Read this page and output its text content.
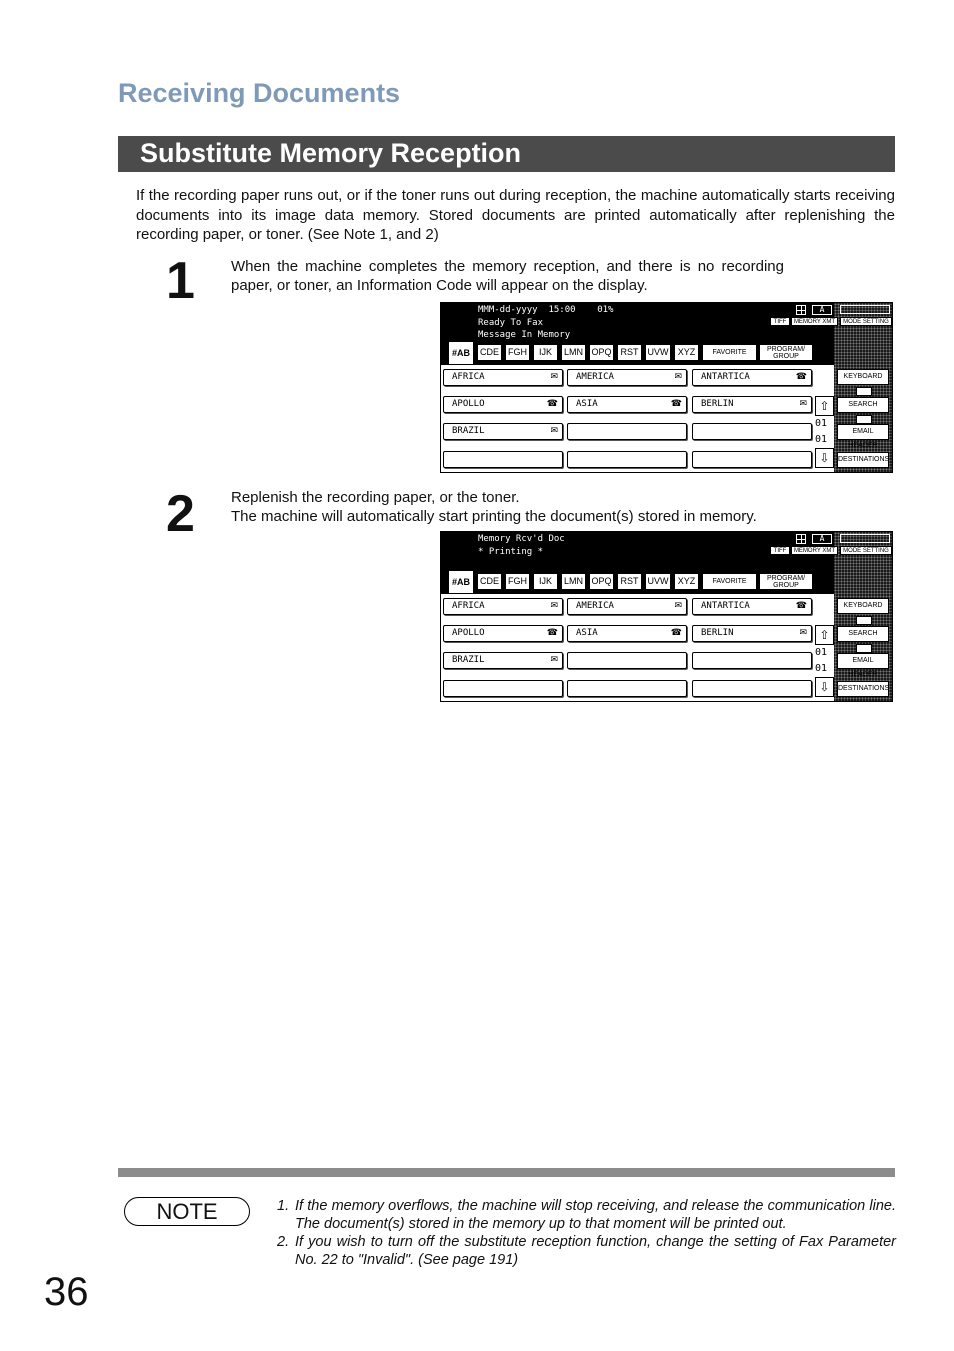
Receiving Documents
Substitute Memory Reception

If the recording paper runs out, or if the toner runs out during reception, the machine automatically starts receiving documents into its image data memory. Stored documents are printed automatically after replenishing the recording paper, or toner. (See Note 1, and 2)

1 When the machine completes the memory reception, and there is no recording paper, or toner, an Information Code will appear on the display.

MMM-dd-yyyy  15:00    01%
Ready To Fax
Message In Memory
A
TIFF	MEMORY XMT	MODE SETTING
#AB	CDE	FGH	IJK	LMN OPQ	RST	UVW	XYZ	FAVORITE	PROGRAM/ GROUP
AFRICA	✉	AMERICA	✉	ANTARTICA	☎
APOLLO	☎	ASIA	☎	BERLIN	✉
BRAZIL	✉
⇧
01
01
⇩
KEYBOARD
SEARCH
EMAIL HEADER
DESTINATIONS
2 Replenish the recording paper, or the toner.

The machine will automatically start printing the document(s) stored in memory.

Memory Rcv'd Doc
* Printing *
A
TIFF	MEMORY XMT	MODE SETTING
#AB	CDE	FGH	IJK	LMN OPQ	RST	UVW	XYZ	FAVORITE	PROGRAM/ GROUP
AFRICA	✉	AMERICA	✉	ANTARTICA	☎
APOLLO	☎	ASIA	☎	BERLIN	✉
BRAZIL	✉
⇧
01
01
⇩
KEYBOARD
SEARCH
EMAIL HEADER
DESTINATIONS
NOTE	1. If the memory overflows, the machine will stop receiving, and release the communication line. The document(s) stored in the memory up to that moment will be printed out.
2. If you wish to turn off the substitute reception function, change the setting of Fax Parameter No. 22 to "Invalid". (See page 191)
36
